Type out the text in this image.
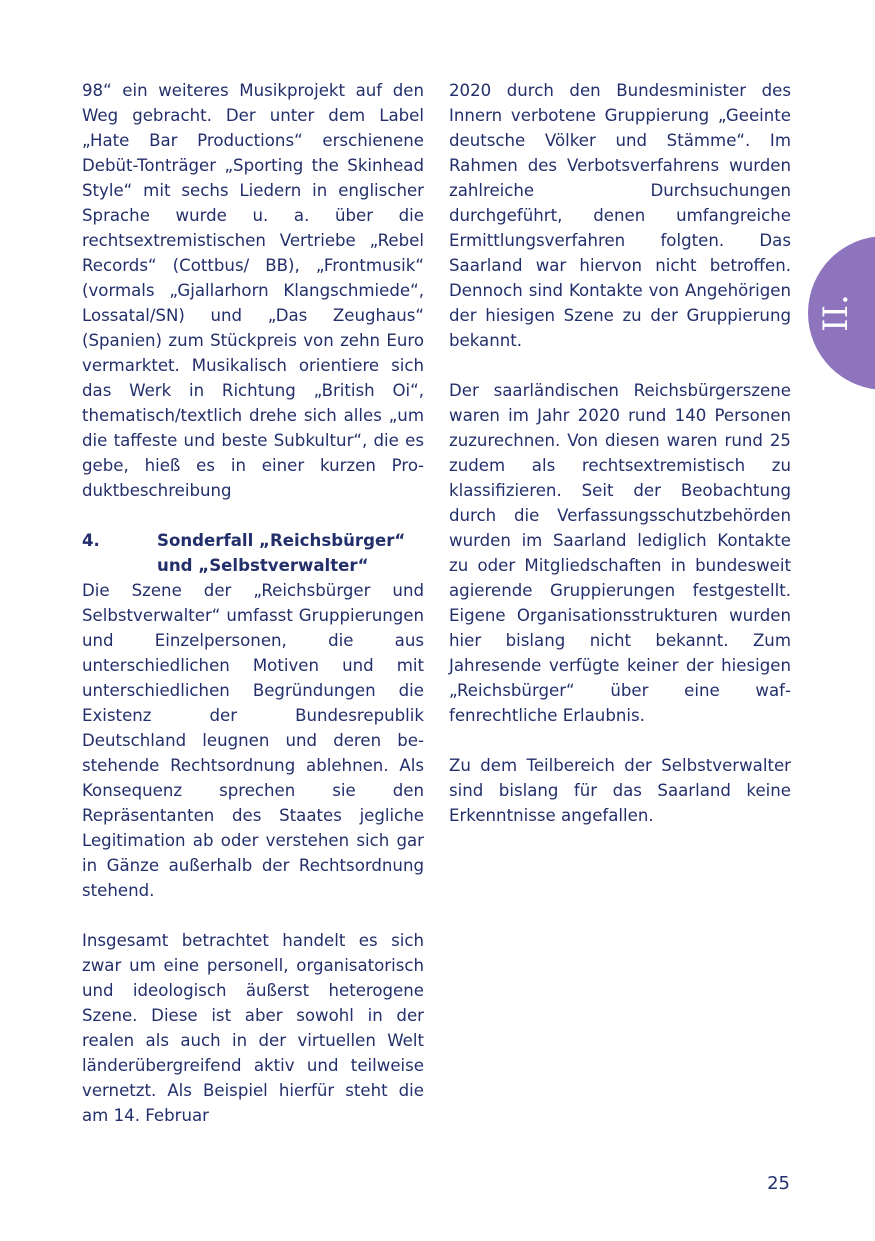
II.

98“ ein weiteres Musikprojekt auf den Weg gebracht. Der unter dem Label „Hate Bar Productions“ erschienene Debüt-Tonträger „Sporting the Skinhead Style“ mit sechs Liedern in englischer Sprache wurde u. a. über die rechtsextremistischen Vertriebe „Rebel Records“ (Cottbus/ BB), „Frontmusik“ (vormals „Gjallarhorn Klangschmiede“, Lossatal/SN) und „Das Zeughaus“ (Spanien) zum Stückpreis von zehn Euro vermarktet. Musikalisch orientiere sich das Werk in Richtung „British Oi“, thematisch/textlich drehe sich alles „um die taffeste und beste Subkultur“, die es gebe, hieß es in einer kurzen Produktbeschreibung

4.	Sonderfall „Reichsbürger“ und „Selbstverwalter“

Die Szene der „Reichsbürger und Selbstverwalter“ umfasst Gruppierungen und Einzelpersonen, die aus unterschiedlichen Motiven und mit unterschiedlichen Begründungen die Existenz der Bundesrepublik Deutschland leugnen und deren bestehende Rechtsordnung ablehnen. Als Konsequenz sprechen sie den Repräsentanten des Staates jegliche Legitimation ab oder verstehen sich gar in Gänze außerhalb der Rechtsordnung stehend.

Insgesamt betrachtet handelt es sich zwar um eine personell, organisatorisch und ideologisch äußerst heterogene Szene. Diese ist aber sowohl in der realen als auch in der virtuellen Welt länderübergreifend aktiv und teilweise vernetzt. Als Beispiel hierfür steht die am 14. Februar

2020 durch den Bundesminister des Innern verbotene Gruppierung „Geeinte deutsche Völker und Stämme“. Im Rahmen des Verbotsverfahrens wurden zahlreiche Durchsuchungen durchgeführt, denen umfangreiche Ermittlungsverfahren folgten. Das Saarland war hiervon nicht betroffen. Dennoch sind Kontakte von Angehörigen der hiesigen Szene zu der Gruppierung bekannt.

Der saarländischen Reichsbürgerszene waren im Jahr 2020 rund 140 Personen zuzurechnen. Von diesen waren rund 25 zudem als rechtsextremistisch zu klassifizieren. Seit der Beobachtung durch die Verfassungsschutzbehörden wurden im Saarland lediglich Kontakte zu oder Mitgliedschaften in bundesweit agierende Gruppierungen festgestellt. Eigene Organisationsstrukturen wurden hier bislang nicht bekannt. Zum Jahresende verfügte keiner der hiesigen „Reichsbürger“ über eine waffenrechtliche Erlaubnis.

Zu dem Teilbereich der Selbstverwalter sind bislang für das Saarland keine Erkenntnisse angefallen.

25
